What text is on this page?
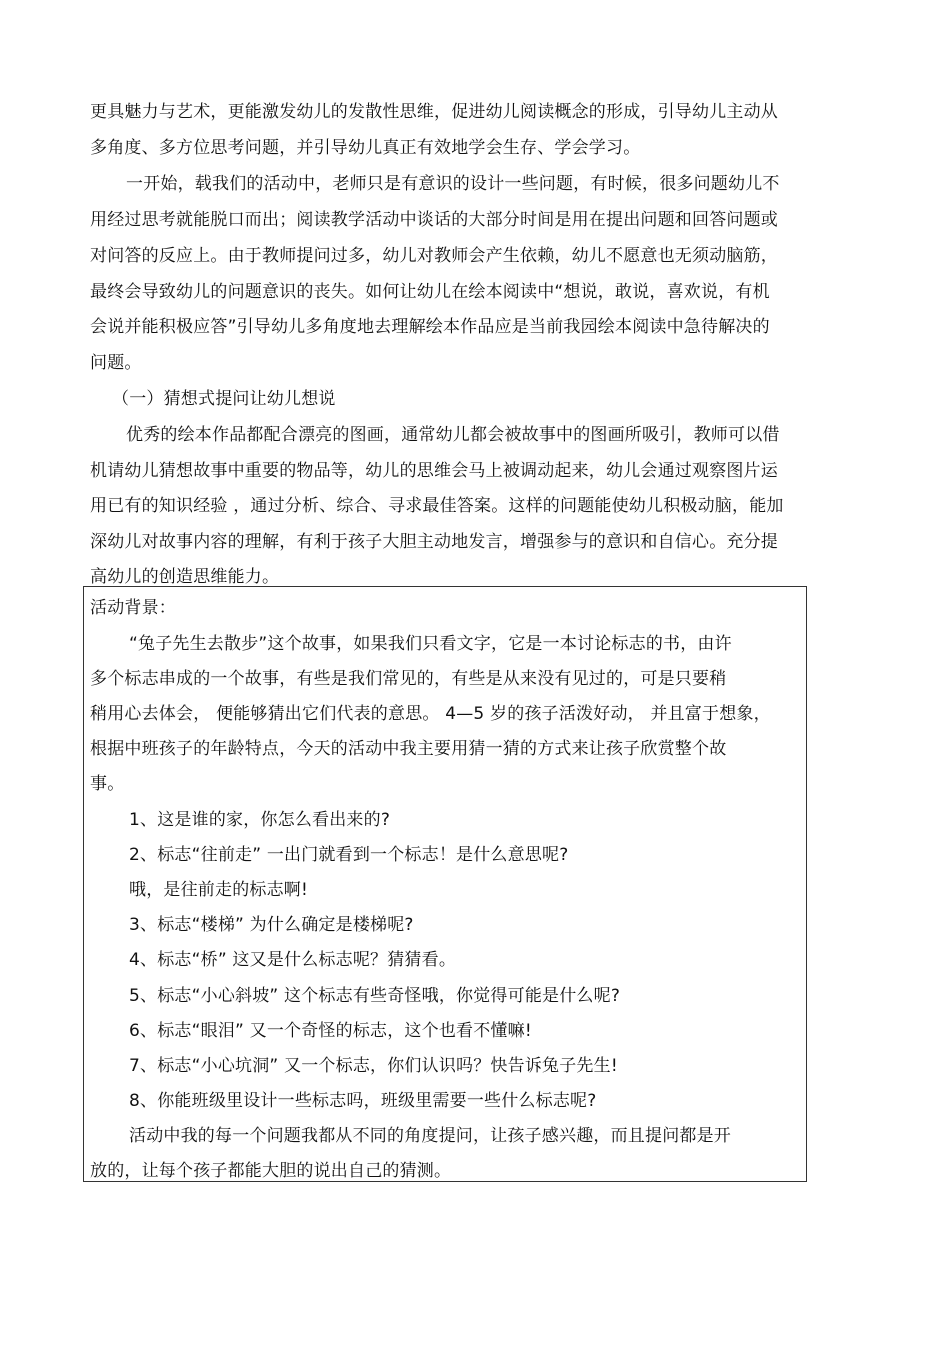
更具魅力与艺术，更能激发幼儿的发散性思维，促进幼儿阅读概念的形成，引导幼儿主动从
多角度、多方位思考问题，并引导幼儿真正有效地学会生存、学会学习。
一开始，载我们的活动中，老师只是有意识的设计一些问题，有时候，很多问题幼儿不
用经过思考就能脱口而出；阅读教学活动中谈话的大部分时间是用在提出问题和回答问题或
对问答的反应上。由于教师提问过多，幼儿对教师会产生依赖，幼儿不愿意也无须动脑筋，
最终会导致幼儿的问题意识的丧失。如何让幼儿在绘本阅读中“想说，敢说，喜欢说，有机
会说并能积极应答”引导幼儿多角度地去理解绘本作品应是当前我园绘本阅读中急待解决的
问题。
（一）猜想式提问让幼儿想说
优秀的绘本作品都配合漂亮的图画，通常幼儿都会被故事中的图画所吸引，教师可以借
机请幼儿猜想故事中重要的物品等，幼儿的思维会马上被调动起来，幼儿会通过观察图片运
用已有的知识经验 ，通过分析、综合、寻求最佳答案。这样的问题能使幼儿积极动脑，能加
深幼儿对故事内容的理解，有利于孩子大胆主动地发言，增强参与的意识和自信心。充分提
高幼儿的创造思维能力。
活动背景：
“兔子先生去散步”这个故事，如果我们只看文字，它是一本讨论标志的书，由许
多个标志串成的一个故事，有些是我们常见的，有些是从来没有见过的，可是只要稍
稍用心去体会， 便能够猜出它们代表的意思。 4—5 岁的孩子活泼好动， 并且富于想象，
根据中班孩子的年龄特点，今天的活动中我主要用猜一猜的方式来让孩子欣赏整个故
事。
1、这是谁的家，你怎么看出来的?
2、标志“往前走” 一出门就看到一个标志！是什么意思呢?
哦，是往前走的标志啊!
3、标志“楼梯” 为什么确定是楼梯呢?
4、标志“桥” 这又是什么标志呢？猜猜看。
5、标志“小心斜坡” 这个标志有些奇怪哦，你觉得可能是什么呢?
6、标志“眼泪” 又一个奇怪的标志，这个也看不懂嘛!
7、标志“小心坑洞” 又一个标志，你们认识吗？快告诉兔子先生!
8、你能班级里设计一些标志吗，班级里需要一些什么标志呢?
活动中我的每一个问题我都从不同的角度提问，让孩子感兴趣，而且提问都是开
放的，让每个孩子都能大胆的说出自己的猜测。
